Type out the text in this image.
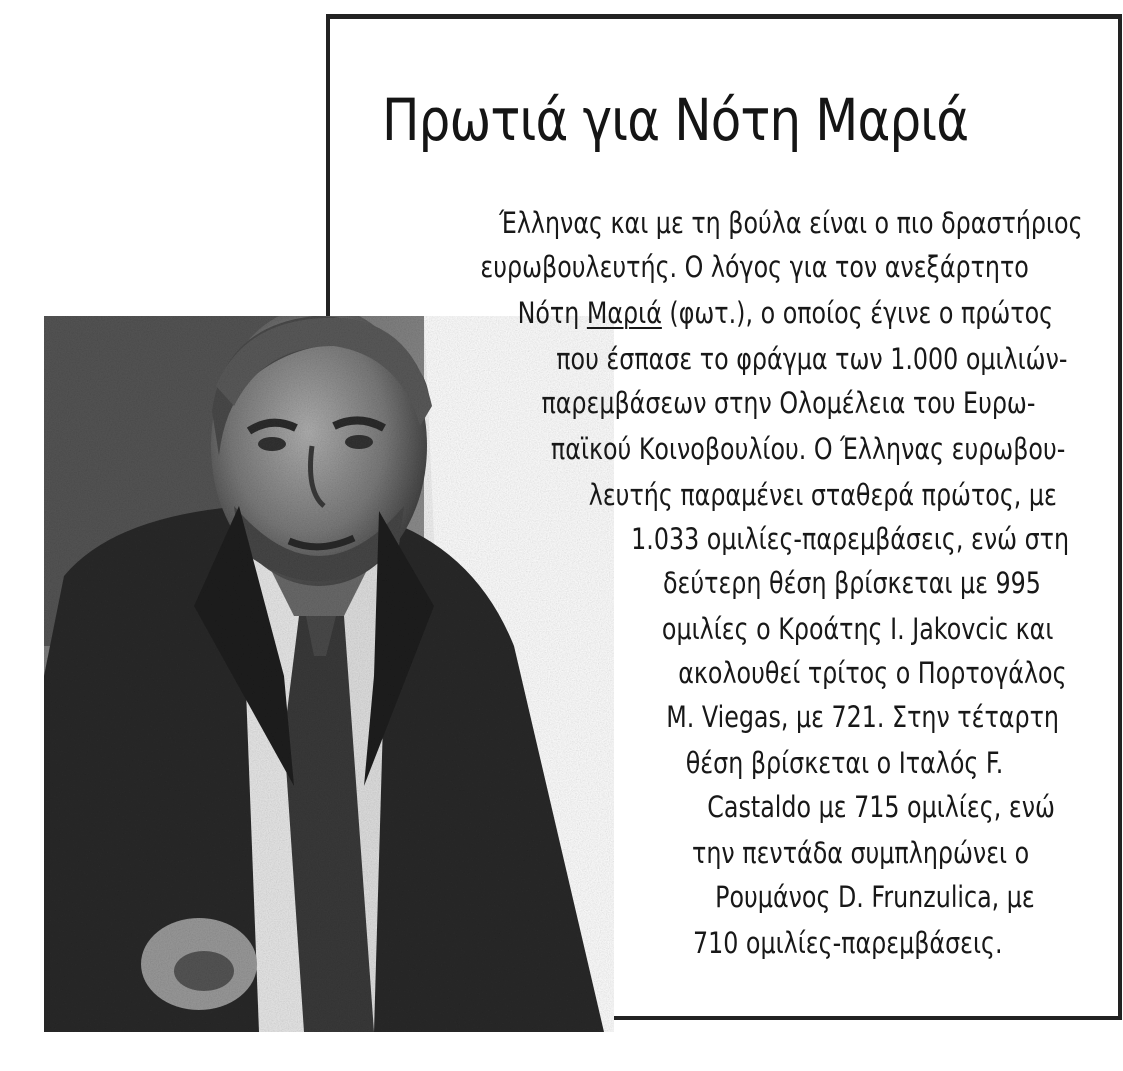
Πρωτιά για Νότη Μαριά
Έλληνας και με τη βούλα είναι ο πιο δραστήριος
ευρωβουλευτής. Ο λόγος για τον ανεξάρτητο
Νότη Μαριά (φωτ.), ο οποίος έγινε ο πρώτος
που έσπασε το φράγμα των 1.000 ομιλιών-
παρεμβάσεων στην Ολομέλεια του Ευρω-
παϊκού Κοινοβουλίου. Ο Έλληνας ευρωβου-
λευτής παραμένει σταθερά πρώτος, με
1.033 ομιλίες-παρεμβάσεις, ενώ στη
δεύτερη θέση βρίσκεται με 995
ομιλίες ο Κροάτης Ι. Jakovcic και
ακολουθεί τρίτος ο Πορτογάλος
M. Viegas, με 721. Στην τέταρτη
θέση βρίσκεται ο Ιταλός F.
Castaldo με 715 ομιλίες, ενώ
την πεντάδα συμπληρώνει ο
Ρουμάνος D. Frunzulica, με
710 ομιλίες-παρεμβάσεις.
